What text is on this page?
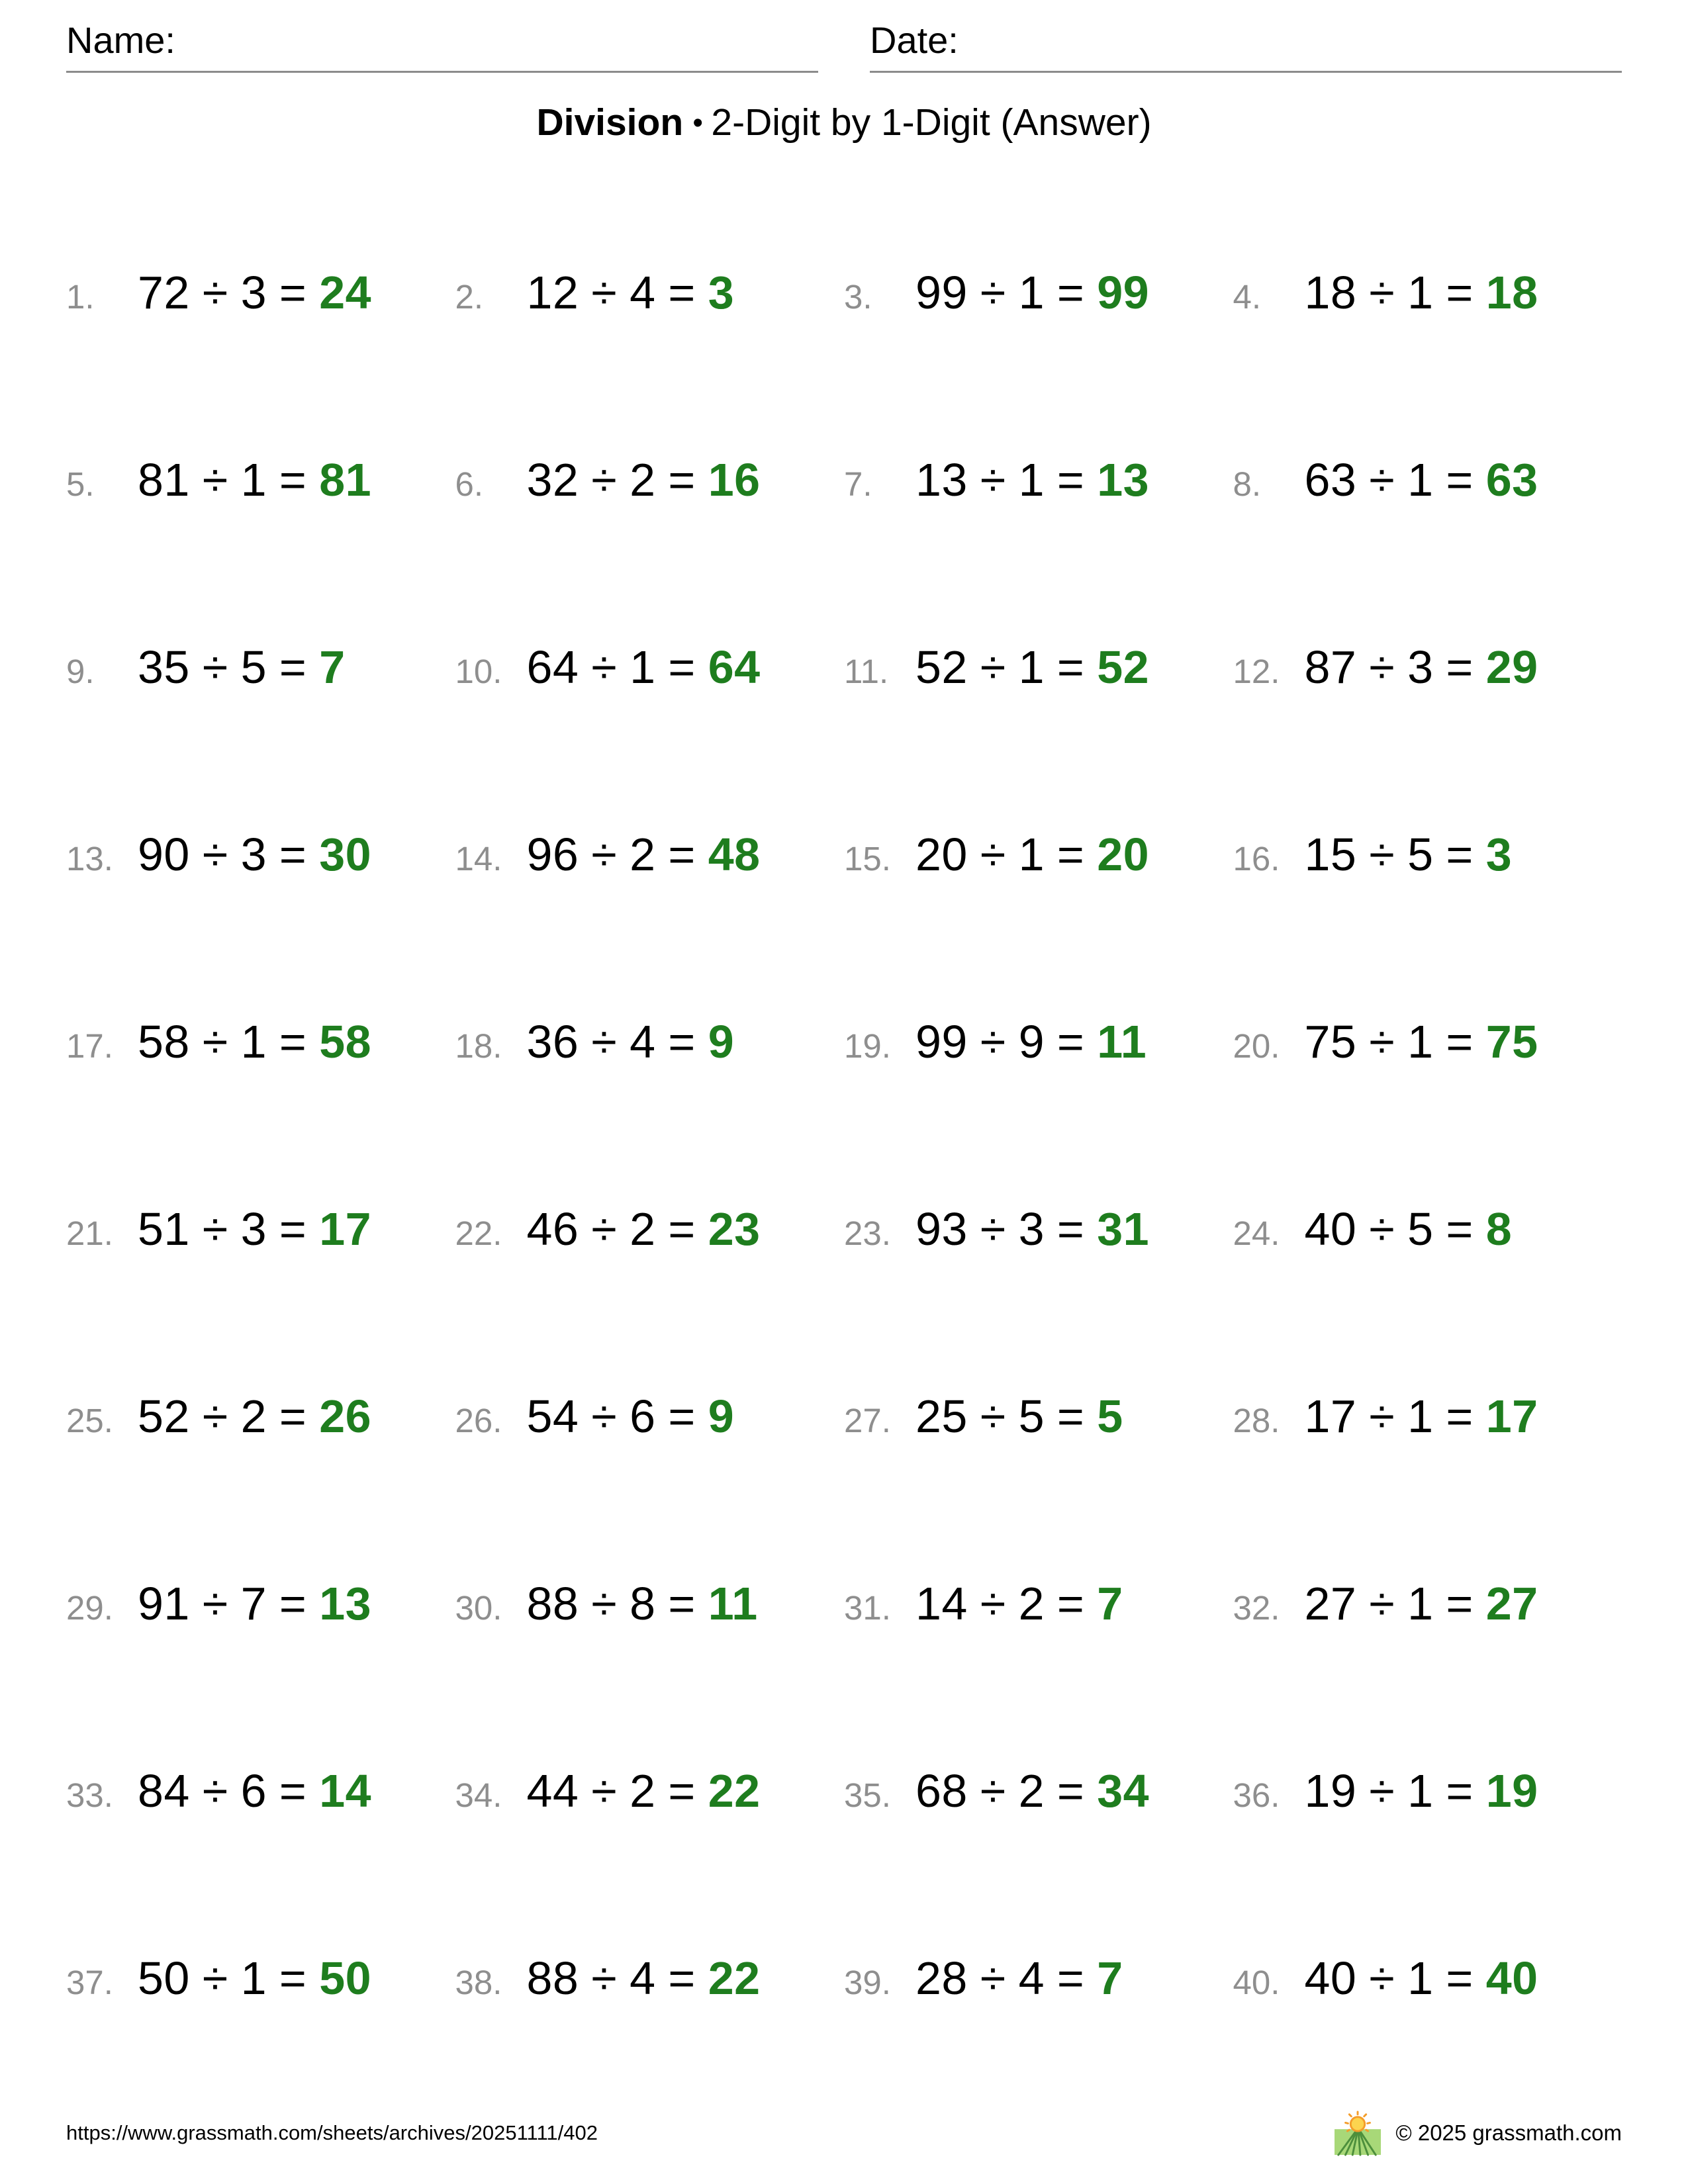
Name:	Date:
Division • 2-Digit by 1-Digit (Answer)
1. 72 ÷ 3 = 24 2. 12 ÷ 4 = 3	3. 99 ÷ 1 = 99 4. 18 ÷ 1 = 18
5. 81 ÷ 1 = 81 6. 32 ÷ 2 = 16 7. 13 ÷ 1 = 13 8. 63 ÷ 1 = 63
9. 35 ÷ 5 = 7	10. 64 ÷ 1 = 64 11. 52 ÷ 1 = 52 12. 87 ÷ 3 = 29
13. 90 ÷ 3 = 30 14. 96 ÷ 2 = 48 15. 20 ÷ 1 = 20 16. 15 ÷ 5 = 3
17. 58 ÷ 1 = 58 18. 36 ÷ 4 = 9	19. 99 ÷ 9 = 11	20. 75 ÷ 1 = 75
21. 51 ÷ 3 = 17 22. 46 ÷ 2 = 23 23. 93 ÷ 3 = 31 24. 40 ÷ 5 = 8
25. 52 ÷ 2 = 26 26. 54 ÷ 6 = 9	27. 25 ÷ 5 = 5	28. 17 ÷ 1 = 17
29. 91 ÷ 7 = 13 30. 88 ÷ 8 = 11	31. 14 ÷ 2 = 7	32. 27 ÷ 1 = 27
33. 84 ÷ 6 = 14 34. 44 ÷ 2 = 22 35. 68 ÷ 2 = 34 36. 19 ÷ 1 = 19
37. 50 ÷ 1 = 50 38. 88 ÷ 4 = 22 39. 28 ÷ 4 = 7	40. 40 ÷ 1 = 40
https://www.grassmath.com/sheets/archives/20251111/402	© 2025 grassmath.com
